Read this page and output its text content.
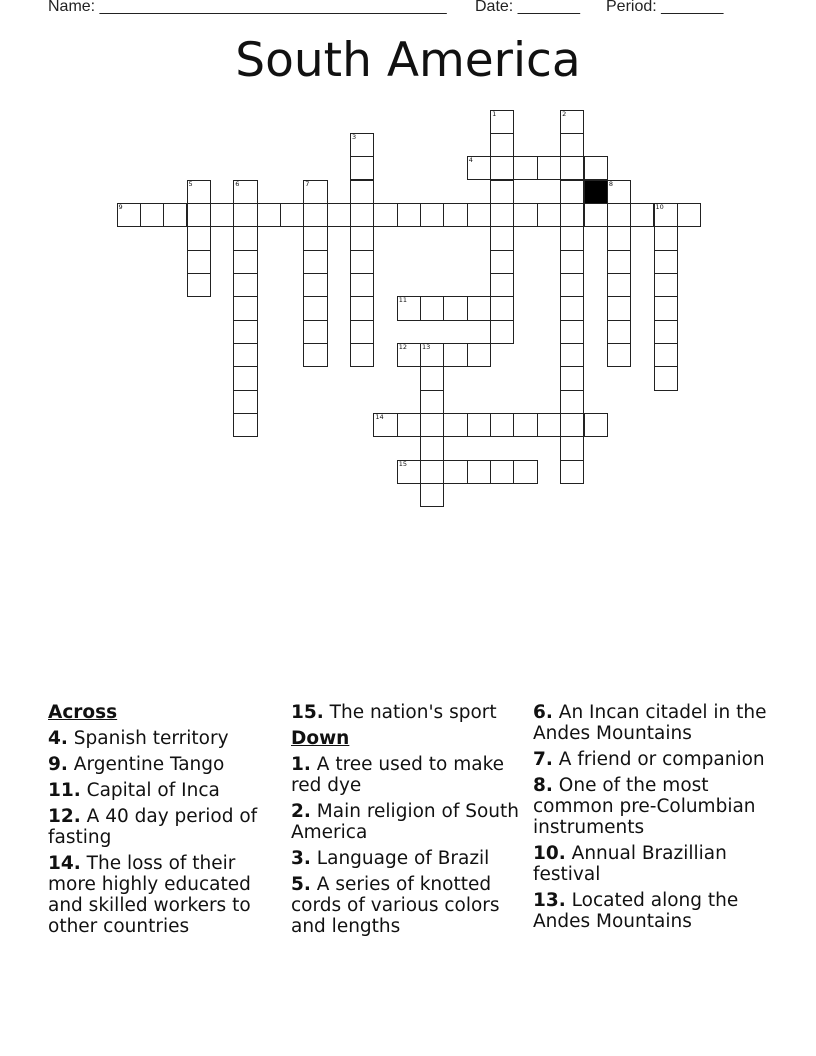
Name: _______________________________________ Date: _______ Period: _______
South America
1	2
3
4
5	6	7	8
9	10
11
12 13
14
15
Across
4. Spanish territory
9. Argentine Tango
11. Capital of Inca
12. A 40 day period of fasting
14. The loss of their more highly educated and skilled workers to other countries
15. The nation's sport
Down
1. A tree used to make red dye
2. Main religion of South America
3. Language of Brazil
5. A series of knotted cords of various colors and lengths
6. An Incan citadel in the Andes Mountains
7. A friend or companion
8. One of the most common pre-Columbian instruments
10. Annual Brazillian festival
13. Located along the Andes Mountains
